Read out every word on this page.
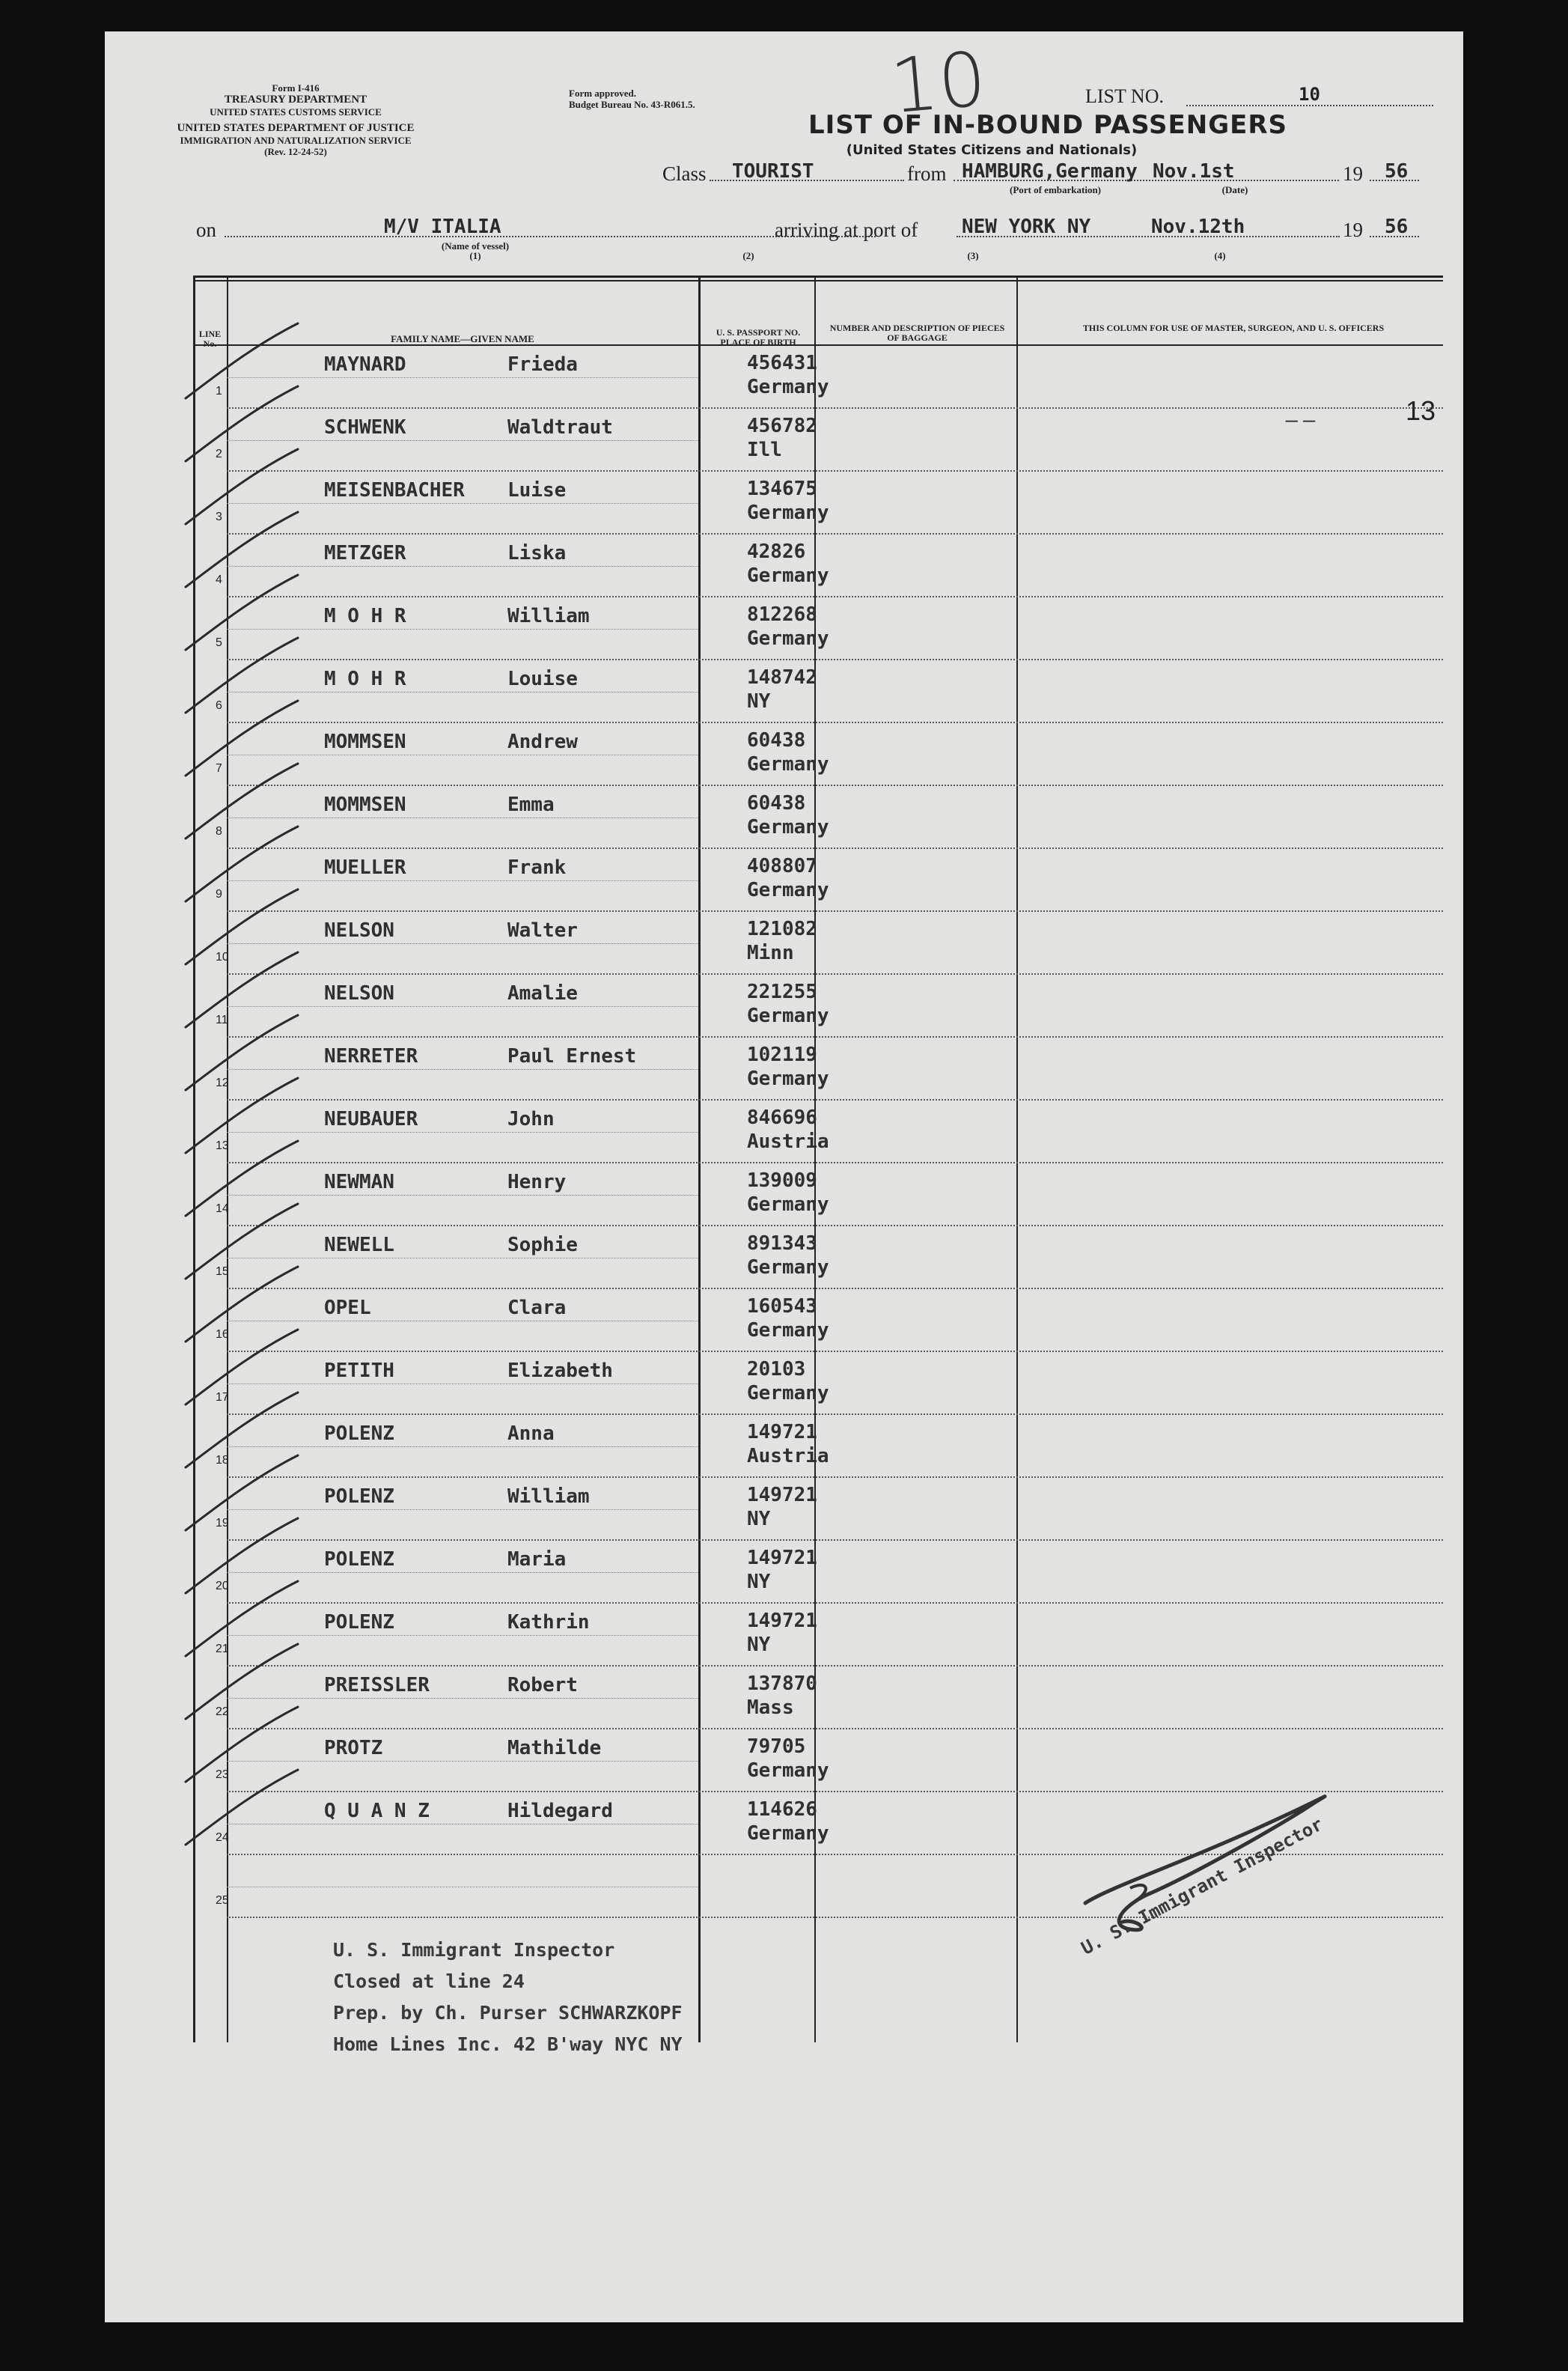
Form I-416
TREASURY DEPARTMENT
UNITED STATES CUSTOMS SERVICE
UNITED STATES DEPARTMENT OF JUSTICE
IMMIGRATION AND NATURALIZATION SERVICE
(Rev. 12-24-52)
Form approved.
Budget Bureau No. 43-R061.5.	10	LIST NO.	10
LIST OF IN-BOUND PASSENGERS
(United States Citizens and Nationals)
Class TOURIST	from HAMBURG,Germany Nov.1st
(Port of embarkation)	(Date)
19 56
on	M/V ITALIA
(Name of vessel)
(1)
arriving at port of
(2)
NEW YORK NY	Nov.12th
(3)	(4)
19 56
LINE No.	FAMILY NAME—GIVEN NAME
U. S. PASSPORT NO. PLACE OF BIRTH
NUMBER AND DESCRIPTION OF PIECES OF BAGGAGE
THIS COLUMN FOR USE OF MASTER, SURGEON, AND U. S. OFFICERS
13
_ _
1
MAYNARD	Frieda	456431
Germany
2
SCHWENK	Waldtraut	456782
Ill
3
MEISENBACHER Luise	134675
Germany
4
METZGER	Liska	42826
Germany
5
M O H R	William	812268
Germany
6
M O H R	Louise	148742
NY
7
MOMMSEN	Andrew	60438
Germany
8
MOMMSEN	Emma	60438
Germany
9
MUELLER	Frank	408807
Germany
10
NELSON	Walter	121082
Minn
11
NELSON	Amalie	221255
Germany
12
NERRETER	Paul Ernest	102119
Germany
13
NEUBAUER	John	846696
Austria
14
NEWMAN	Henry	139009
Germany
15
NEWELL	Sophie	891343
Germany
16
OPEL	Clara	160543
Germany
17
PETITH	Elizabeth	20103
Germany
18
POLENZ	Anna	149721
Austria
19
POLENZ	William	149721
NY
20
POLENZ	Maria	149721
NY
21
POLENZ	Kathrin	149721
NY
22
PREISSLER	Robert	137870
Mass
23
PROTZ	Mathilde	79705
Germany
24
Q U A N Z	Hildegard	114626
Germany
25
U. S. Immigrant Inspector
Closed at line 24
Prep. by Ch. Purser SCHWARZKOPF
Home Lines Inc. 42 B'way NYC NY
U. S. Immigrant Inspector
